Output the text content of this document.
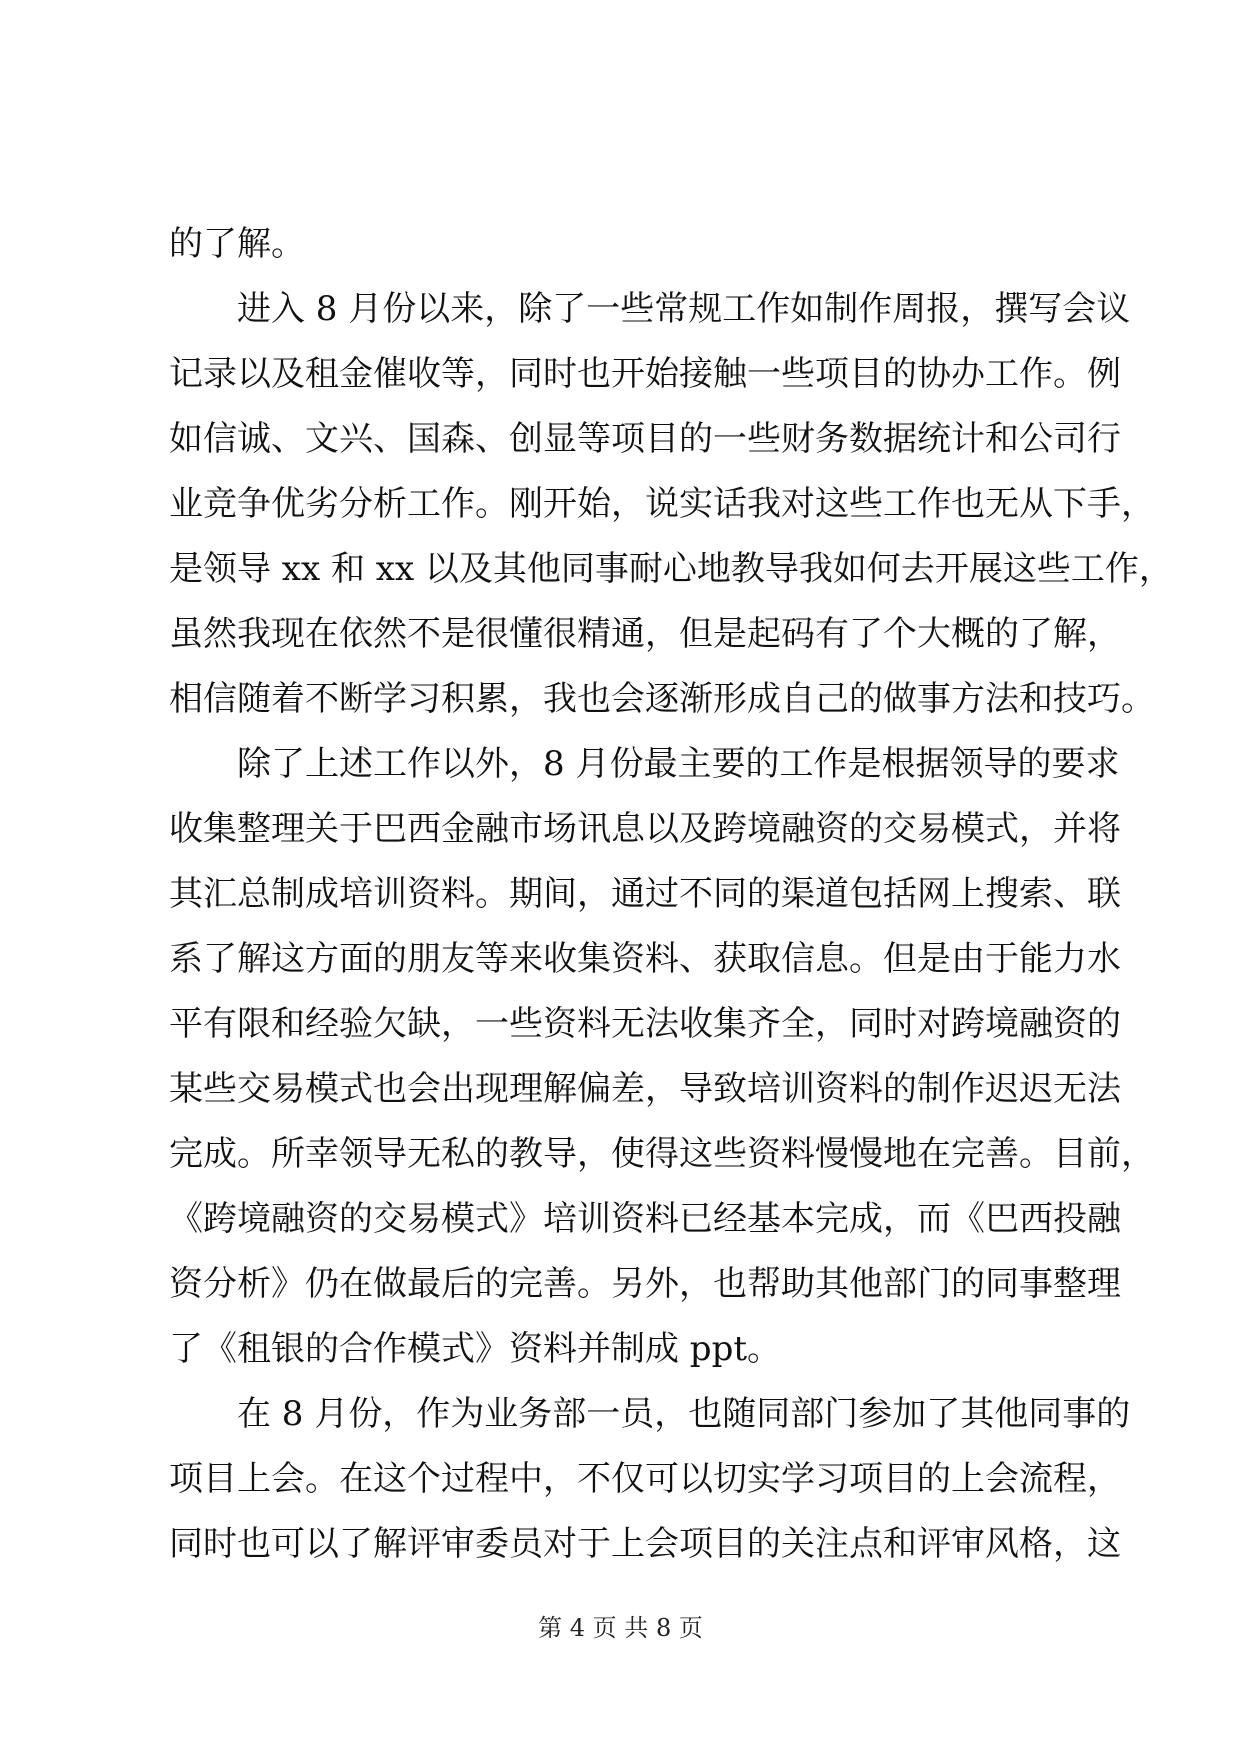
的了解。
进入 8 月份以来，除了一些常规工作如制作周报，撰写会议
记录以及租金催收等，同时也开始接触一些项目的协办工作。例
如信诚、文兴、国森、创显等项目的一些财务数据统计和公司行
业竞争优劣分析工作。刚开始，说实话我对这些工作也无从下手，
是领导 xx 和 xx 以及其他同事耐心地教导我如何去开展这些工作，
虽然我现在依然不是很懂很精通，但是起码有了个大概的了解，
相信随着不断学习积累，我也会逐渐形成自己的做事方法和技巧。
除了上述工作以外，8 月份最主要的工作是根据领导的要求
收集整理关于巴西金融市场讯息以及跨境融资的交易模式，并将
其汇总制成培训资料。期间，通过不同的渠道包括网上搜索、联
系了解这方面的朋友等来收集资料、获取信息。但是由于能力水
平有限和经验欠缺，一些资料无法收集齐全，同时对跨境融资的
某些交易模式也会出现理解偏差，导致培训资料的制作迟迟无法
完成。所幸领导无私的教导，使得这些资料慢慢地在完善。目前，
《跨境融资的交易模式》培训资料已经基本完成，而《巴西投融
资分析》仍在做最后的完善。另外，也帮助其他部门的同事整理
了《租银的合作模式》资料并制成 ppt。
在 8 月份，作为业务部一员，也随同部门参加了其他同事的
项目上会。在这个过程中，不仅可以切实学习项目的上会流程，
同时也可以了解评审委员对于上会项目的关注点和评审风格，这
第 4 页 共 8 页
